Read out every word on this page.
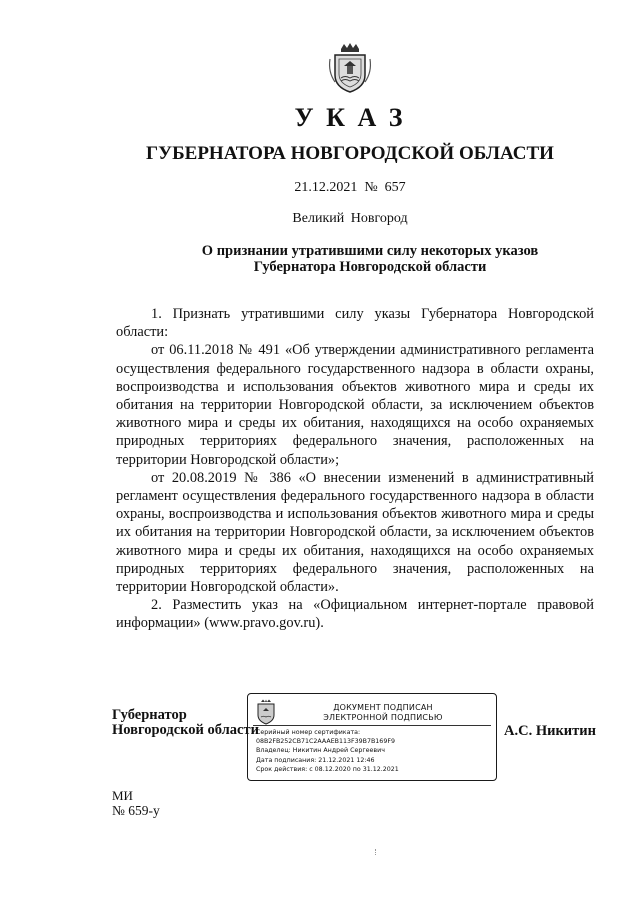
У К А З
ГУБЕРНАТОРА НОВГОРОДСКОЙ ОБЛАСТИ
21.12.2021  №  657
Великий Новгород
О признании утратившими силу некоторых указов Губернатора Новгородской области

1. Признать утратившими силу указы Губернатора Новгородской области:

от 06.11.2018 № 491 «Об утверждении административного регламента осуществления федерального государственного надзора в области охраны, воспроизводства и использования объектов животного мира и среды их обитания на территории Новгородской области, за исключением объектов животного мира и среды их обитания, находящихся на особо охраняемых природных территориях федерального значения, расположенных на территории Новгородской области»;

от 20.08.2019 № 386 «О внесении изменений в административный регламент осуществления федерального государственного надзора в области охраны, воспроизводства и использования объектов животного мира и среды их обитания на территории Новгородской области, за исключением объектов животного мира и среды их обитания, находящихся на особо охраняемых природных территориях федерального значения, расположенных на территории Новгородской области».

2. Разместить указ на «Официальном интернет-портале правовой информации» (www.pravo.gov.ru).

Губернатор
Новгородской области
ДОКУМЕНТ ПОДПИСАН
ЭЛЕКТРОННОЙ ПОДПИСЬЮ
Серийный номер сертификата:
08B2FB252CB71C2AAAEB113F39B7B169F9
Владелец: Никитин Андрей Сергеевич
Дата подписания: 21.12.2021 12:46
Срок действия: с 08.12.2020 по 31.12.2021
А.С. Никитин
МИ
№ 659-у
